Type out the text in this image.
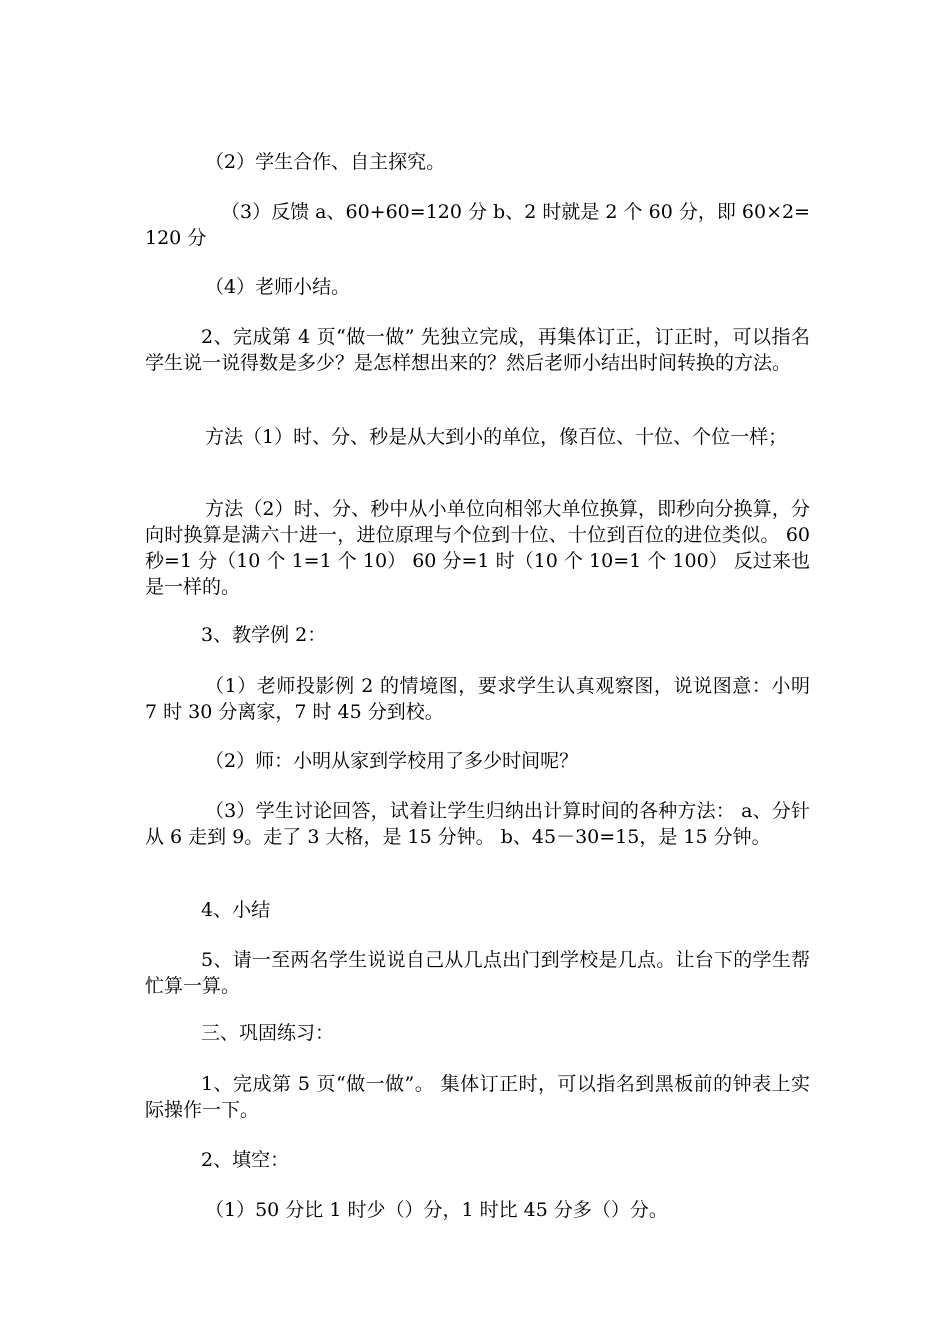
（2）学生合作、自主探究。

（3）反馈 a、60+60=120 分 b、2 时就是 2 个 60 分，即 60×2=120 分

（4）老师小结。

2、完成第 4 页“做一做” 先独立完成，再集体订正，订正时，可以指名学生说一说得数是多少？是怎样想出来的？然后老师小结出时间转换的方法。

方法（1）时、分、秒是从大到小的单位，像百位、十位、个位一样；

方法（2）时、分、秒中从小单位向相邻大单位换算，即秒向分换算，分向时换算是满六十进一，进位原理与个位到十位、十位到百位的进位类似。 60 秒=1 分（10 个 1=1 个 10） 60 分=1 时（10 个 10=1 个 100） 反过来也是一样的。

3、教学例 2：

（1）老师投影例 2 的情境图，要求学生认真观察图，说说图意：小明 7 时 30 分离家，7 时 45 分到校。

（2）师：小明从家到学校用了多少时间呢？

（3）学生讨论回答，试着让学生归纳出计算时间的各种方法： a、分针从 6 走到 9。走了 3 大格，是 15 分钟。 b、45－30=15，是 15 分钟。

4、小结

5、请一至两名学生说说自己从几点出门到学校是几点。让台下的学生帮忙算一算。

三、巩固练习：

1、完成第 5 页“做一做”。 集体订正时，可以指名到黑板前的钟表上实际操作一下。

2、填空：

（1）50 分比 1 时少（）分，1 时比 45 分多（）分。
